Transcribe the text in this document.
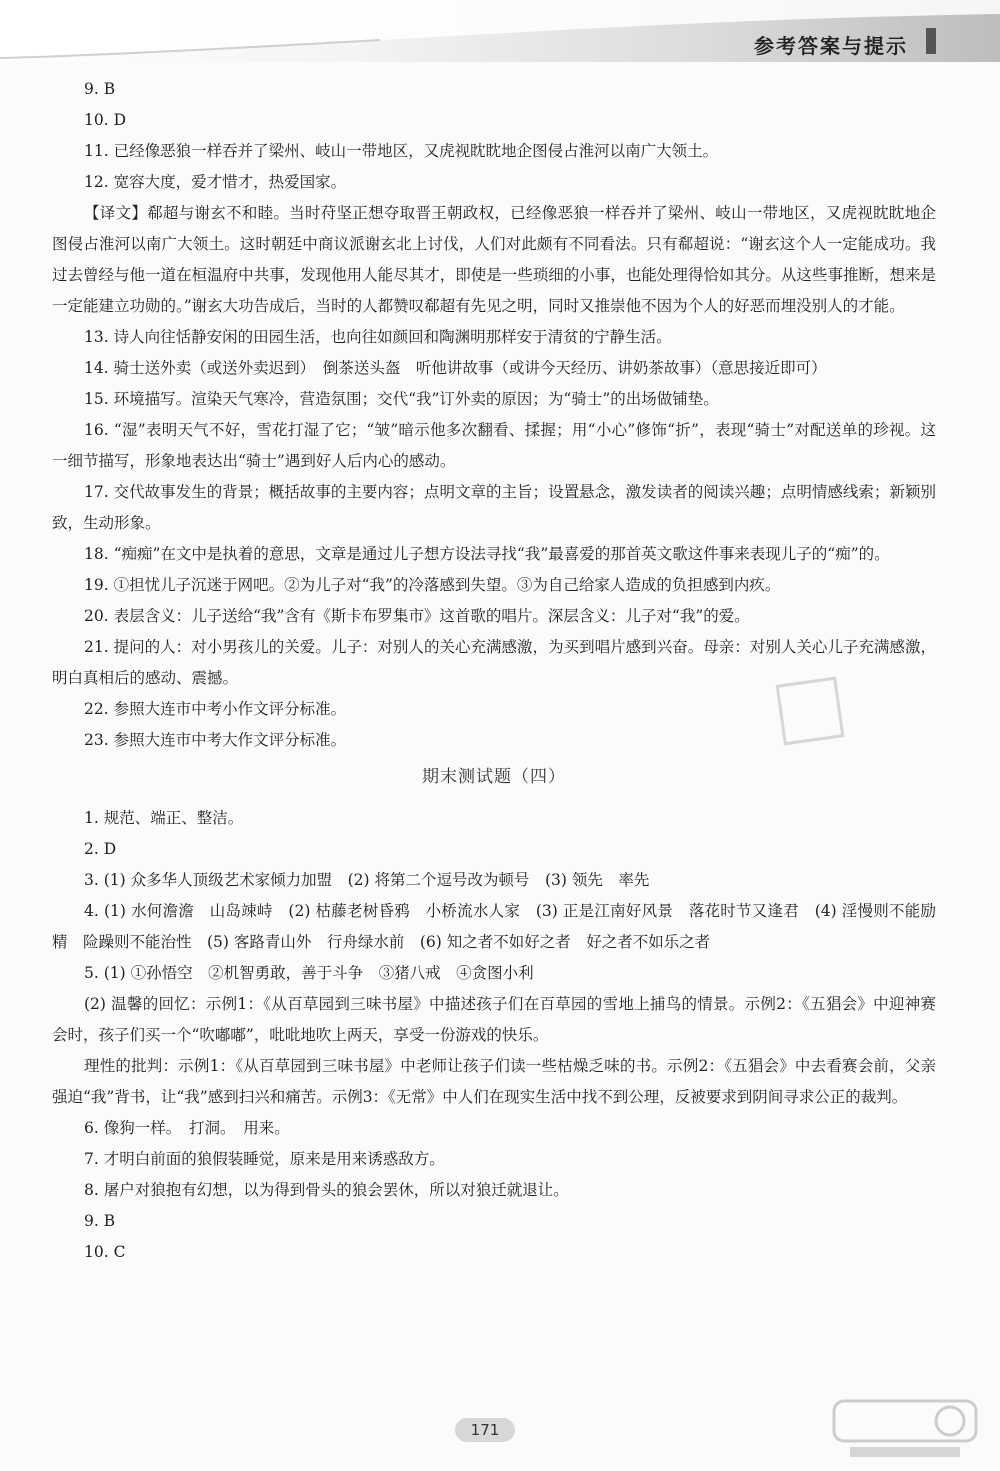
参考答案与提示

9. B

10. D

11. 已经像恶狼一样吞并了梁州、岐山一带地区，又虎视眈眈地企图侵占淮河以南广大领土。

12. 宽容大度，爱才惜才，热爱国家。

【译文】郗超与谢玄不和睦。当时苻坚正想夺取晋王朝政权，已经像恶狼一样吞并了梁州、岐山一带地区，又虎视眈眈地企图侵占淮河以南广大领土。这时朝廷中商议派谢玄北上讨伐，人们对此颇有不同看法。只有郗超说：“谢玄这个人一定能成功。我过去曾经与他一道在桓温府中共事，发现他用人能尽其才，即使是一些琐细的小事，也能处理得恰如其分。从这些事推断，想来是一定能建立功勋的。”谢玄大功告成后，当时的人都赞叹郗超有先见之明，同时又推崇他不因为个人的好恶而埋没别人的才能。

13. 诗人向往恬静安闲的田园生活，也向往如颜回和陶渊明那样安于清贫的宁静生活。

14. 骑士送外卖（或送外卖迟到）　倒茶送头盔　听他讲故事（或讲今天经历、讲奶茶故事）（意思接近即可）

15. 环境描写。渲染天气寒冷，营造氛围；交代“我”订外卖的原因；为“骑士”的出场做铺垫。

16. “湿”表明天气不好，雪花打湿了它；“皱”暗示他多次翻看、揉握；用“小心”修饰“折”，表现“骑士”对配送单的珍视。这一细节描写，形象地表达出“骑士”遇到好人后内心的感动。

17. 交代故事发生的背景；概括故事的主要内容；点明文章的主旨；设置悬念，激发读者的阅读兴趣；点明情感线索；新颖别致，生动形象。

18. “痴痴”在文中是执着的意思，文章是通过儿子想方设法寻找“我”最喜爱的那首英文歌这件事来表现儿子的“痴”的。

19. ①担忧儿子沉迷于网吧。②为儿子对“我”的冷落感到失望。③为自己给家人造成的负担感到内疚。

20. 表层含义：儿子送给“我”含有《斯卡布罗集市》这首歌的唱片。深层含义：儿子对“我”的爱。

21. 提问的人：对小男孩儿的关爱。儿子：对别人的关心充满感激，为买到唱片感到兴奋。母亲：对别人关心儿子充满感激，明白真相后的感动、震撼。

22. 参照大连市中考小作文评分标准。

23. 参照大连市中考大作文评分标准。

期末测试题（四）

1. 规范、端正、整洁。

2. D

3. (1) 众多华人顶级艺术家倾力加盟　(2) 将第二个逗号改为顿号　(3) 领先　率先

4. (1) 水何澹澹　山岛竦峙　(2) 枯藤老树昏鸦　小桥流水人家　(3) 正是江南好风景　落花时节又逢君　(4) 淫慢则不能励精　险躁则不能治性　(5) 客路青山外　行舟绿水前　(6) 知之者不如好之者　好之者不如乐之者

5. (1) ①孙悟空　②机智勇敢，善于斗争　③猪八戒　④贪图小利

(2) 温馨的回忆：示例1：《从百草园到三味书屋》中描述孩子们在百草园的雪地上捕鸟的情景。示例2：《五猖会》中迎神赛会时，孩子们买一个“吹嘟嘟”，吡吡地吹上两天，享受一份游戏的快乐。

理性的批判：示例1：《从百草园到三味书屋》中老师让孩子们读一些枯燥乏味的书。示例2：《五猖会》中去看赛会前，父亲强迫“我”背书，让“我”感到扫兴和痛苦。示例3：《无常》中人们在现实生活中找不到公理，反被要求到阴间寻求公正的裁判。

6. 像狗一样。　打洞。　用来。

7. 才明白前面的狼假装睡觉，原来是用来诱惑敌方。

8. 屠户对狼抱有幻想，以为得到骨头的狼会罢休，所以对狼迁就退让。

9. B

10. C

171
